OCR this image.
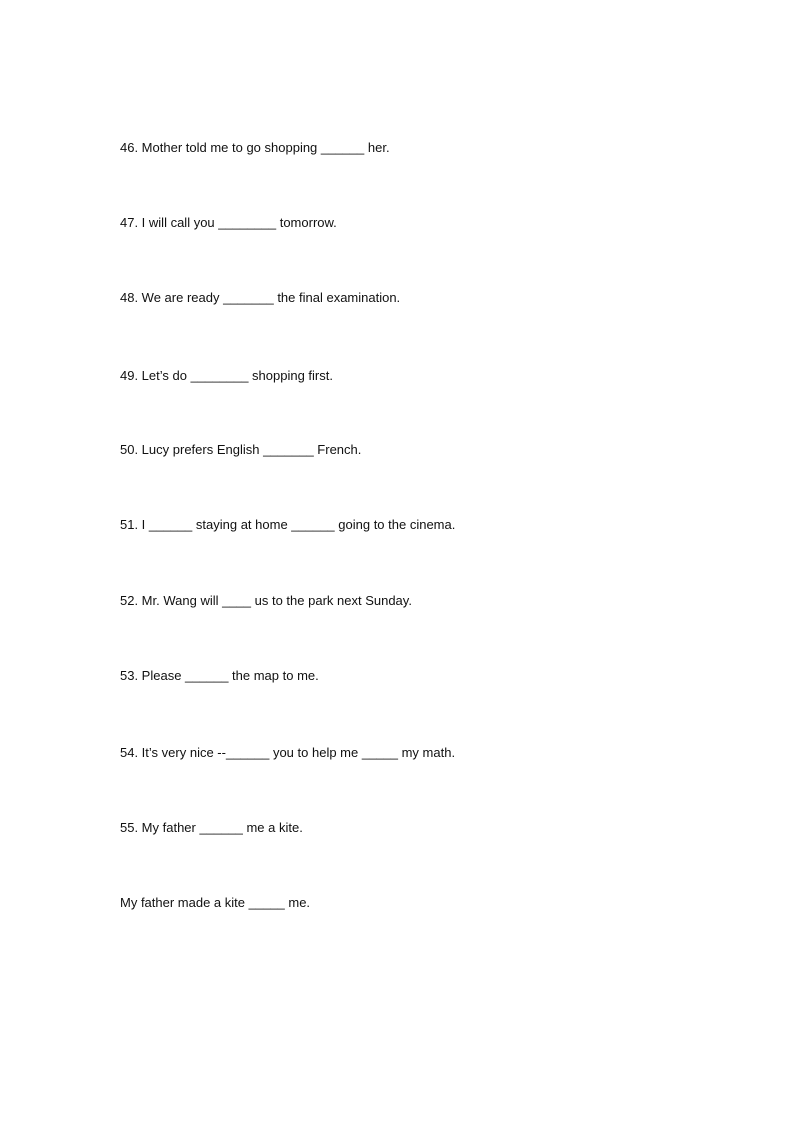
46. Mother told me to go shopping ______ her.
47. I will call you ________ tomorrow.
48. We are ready _______ the final examination.
49. Let’s do ________ shopping first.
50. Lucy prefers English _______ French.
51. I ______ staying at home ______ going to the cinema.
52. Mr. Wang will ____ us to the park next Sunday.
53. Please ______ the map to me.
54. It’s very nice --______ you to help me _____ my math.
55. My father ______ me a kite.
My father made a kite _____ me.
